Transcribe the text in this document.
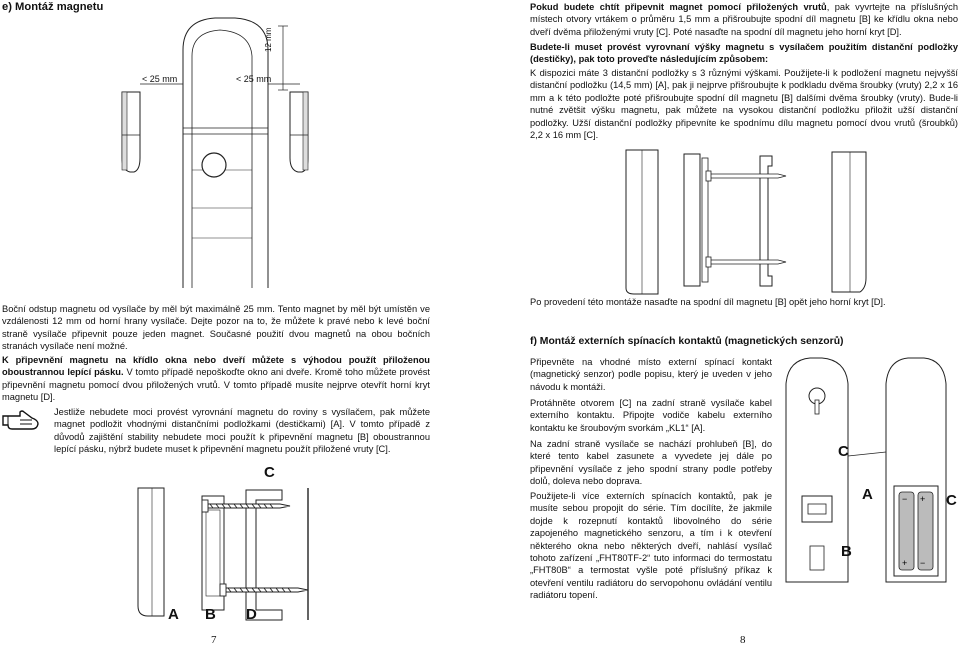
e) Montáž magnetu
< 25 mm	< 25 mm
12 mm

Boční odstup magnetu od vysílače by měl být maximálně 25 mm. Tento magnet by měl být umístěn ve vzdálenosti 12 mm od horní hrany vysílače. Dejte pozor na to, že můžete k pravé nebo k levé boční straně vysílače připevnit pouze jeden magnet. Současné použití dvou magnetů na obou bočních stranách vysílače není možné.

K připevnění magnetu na křídlo okna nebo dveří můžete s výhodou použít přiloženou oboustrannou lepící pásku. V tomto případě nepoškoďte okno ani dveře. Kromě toho můžete provést připevnění magnetu pomocí dvou přiložených vrutů. V tomto případě musíte nejprve otevřít horní kryt magnetu [D].

Jestliže nebudete moci provést vyrovnání magnetu do roviny s vysílačem, pak můžete magnet podložit vhodnými distančními podložkami (destičkami) [A]. V tomto případě z důvodů zajištění stability nebudete moci použít k připevnění magnetu [B] oboustrannou lepící pásku, nýbrž budete muset k připevnění magnetu použít přiložené vruty [C].

C
A B D
7

Pokud budete chtít připevnit magnet pomocí přiložených vrutů, pak vyvrtejte na příslušných místech otvory vrtákem o průměru 1,5 mm a přišroubujte spodní díl magnetu [B] ke křídlu okna nebo dveří dvěma přiloženými vruty [C]. Poté nasaďte na spodní díl magnetu jeho horní kryt [D].

Budete-li muset provést vyrovnaní výšky magnetu s vysílačem použitím distanční podložky (destičky), pak toto proveďte následujícím způsobem:

K dispozici máte 3 distanční podložky s 3 různými výškami. Použijete-li k podložení magnetu nejvyšší distanční podložku (14,5 mm) [A], pak ji nejprve přišroubujte k podkladu dvěma šroubky (vruty) 2,2 x 16 mm a k této podložte poté přišroubujte spodní díl magnetu [B] dalšími dvěma šroubky (vruty). Bude-li nutné zvětšit výšku magnetu, pak můžete na vysokou distanční podložku přiložit užší distanční podložky. Užší distanční podložky připevníte ke spodnímu dílu magnetu pomocí dvou vrutů (šroubků) 2,2 x 16 mm [C].

Po provedení této montáže nasaďte na spodní díl magnetu [B] opět jeho horní kryt [D].

f) Montáž externích spínacích kontaktů (magnetických senzorů)

Připevněte na vhodné místo externí spínací kontakt (magnetický senzor) podle popisu, který je uveden v jeho návodu k montáži.

Protáhněte otvorem [C] na zadní straně vysílače kabel externího kontaktu. Připojte vodiče kabelu externího kontaktu ke šroubovým svorkám „KL1“ [A].

Na zadní straně vysílače se nachází prohlubeň [B], do které tento kabel zasunete a vyvedete jej dále po připevnění vysílače z jeho spodní strany podle potřeby dolů, doleva nebo doprava.

Použijete-li více externích spínacích kontaktů, pak je musíte sebou propojit do série. Tím docílíte, že jakmile dojde k rozepnutí kontaktů libovolného do série zapojeného magnetického senzoru, a tím i k otevření některého okna nebo některých dveří, nahlásí vysílač tohoto zařízení „FHT80TF-2“ tuto informaci do termostatu „FHT80B“ a termostat vyšle poté příslušný příkaz k otevření ventilu radiátoru do servopohonu ovládání ventilu radiátoru topení.

− +
+ −
C
A
B
C
8
